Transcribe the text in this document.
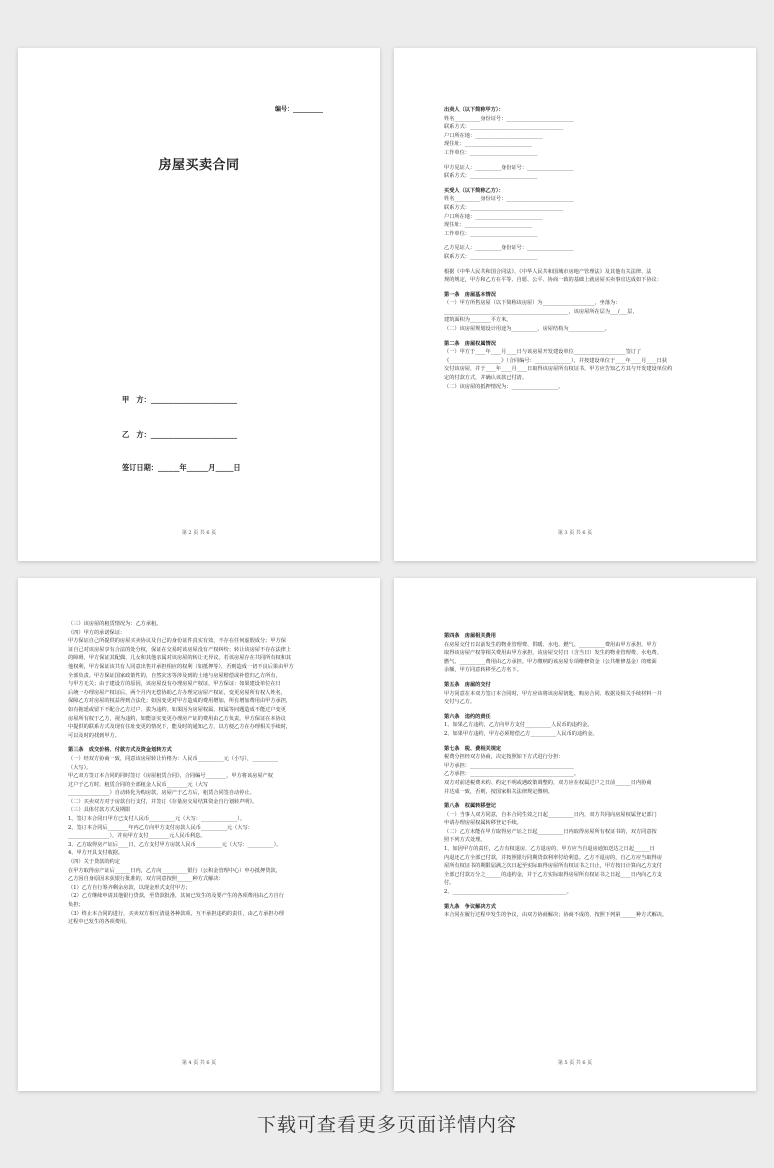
编号：__________
房屋买卖合同
甲　方：________________________
乙　方：________________________
签订日期：______年______月_____日
第 2 页 共 6 页
出卖人（以下简称甲方）：
姓名__________身份证号：__________________________
联系方式：____________________________________
户口所在地：__________________________
现住址：__________________________
工作单位：__________________________
甲方见证人：__________身份证号：__________________
联系方式：__________________________
买受人（以下简称乙方）：
姓名__________身份证号：__________________________
联系方式：____________________________________
户口所在地：__________________________
现住址：__________________________
工作单位：__________________________
乙方见证人：__________身份证号：__________________
联系方式：__________________________
根据《中华人民共和国合同法》、《中华人民共和国城市房地产管理法》及其他有关法律、法
规的规定，甲方和乙方在平等、自愿、公平、协商一致的基础上就房屋买卖事宜达成如下协议：
第一条　房屋基本情况
（一）甲方所售房屋（以下简称该房屋）为____________________，坐落为：
________________________________________________，该房屋所在层为___/___层，
建筑面积为________平方米。
（二）该房屋规划设计用途为__________，房屋结构为______________。
第二条　房屋权属情况
（一）甲方于____年____月____日与该房屋开发建设单位____________________签订了
《____________________》（合同编号：______________），并按建设单位于____年____月____日获
交付该房屋，并于____年____月____日取得该房屋所有权证书，甲方应告知乙方其与开发建设单位约
定的付款方式，并确认该款已付清。
（二）该房屋的抵押情况为：__________________。
第 3 页 共 6 页
（三）该房屋的租赁情况为：乙方承租。
（四）甲方的承诺保证：
甲方保证自己所提供的房屋买卖协议及自己的身份证件真实有效，不存在任何虚假成分；甲方保
证自己对该房屋享有合法的处分权，保证在交易时该房屋没有产权纠纷；转让该房屋不存在法律上
的障碍，甲方保证其配偶、儿女和其他亲属对该房屋的转让无异议。若该房屋存在共同所有权和其
他权利，甲方保证该共有人同意出售并承担相应的权利（如抵押等），否则造成一切不良后果由甲方
全部负责。甲方保证国家政策性的，自然灾害等涉及到的土地与房屋赔偿或补偿归乙方所有，
与甲方无关；由于建设方的原因，该房屋没有办理房屋产权证，甲方保证：如果建设单位在日
后统一办理房屋产权证后，两个月内无偿协助乙方办理完房屋产权证，变更房屋所有权人姓名，
保障乙方对房屋的权益得到合法化；如因变更对甲方造成的费用增加，所有增加费用由甲方承担，
如有拖延或留下不配合乙方过户、拔为违约。如果因为房屋权属、权属等问题造成不能过户变更
房屋所有权于乙方，视为违约，如能证实变更办理房产证的费用由乙方负责。甲方保证在本协议
中提供的联系方式及现有住址变更的情况下，能及时的通知乙方，以方便乙方在办理相关手续时，
可以及时的找到甲方。
第三条　成交价格、付款方式及资金划转方式
（一）经双方协商一致，同意该房屋转让价格为：人民币__________元（小写），__________
（大写）。
甲乙双方签订本合同的同时签订《房屋租赁合同》，合同编号________，甲方将该房屋产权
过户于乙方时，租赁合同的全部租金人民币________元（大写
________________）自动转化为购房款，房屋产于乙方后，租赁合同签自动停止。
（二）买卖双方对于房款自行支付，并签订《存量房交易结算资金自行划转声明》。
（三）具体付款方式及期限
1、签订本合同日甲方已支付人民币__________元（大写：______________）。
2、签订本合同后________年内乙方向甲方支付房款人民币__________元（大写：
________________），并向甲方支付________元人民币利息。
3、乙方取得房产证后____日，乙方支付甲方房款人民币__________元（大写：__________）。
4、甲方开具支付收据。
（四）关于贷款的约定
在甲方取得房产证后______日内，乙方向__________银行（公积金管理中心）申办抵押贷款，
乙方因自身原因未获银行批准的，双方同意按照______种方式解决：
（1）乙方自行筹齐剩余房款，以现金形式支付甲方；
（2）乙方继续申请其他银行贷款，至贷款批准，其间已发生的及要产生的各项费用由乙方自行
负担；
（3）终止本合同的进行，买卖双方相互清退各种款项，互不承担违约的责任，由乙方承担办理
过程中已发生的各项费用。
第 4 页 共 6 页
第四条　房屋相关费用
在房屋交付日以前发生的物业管理费、供暖、水电、燃气、__________费用由甲方承担，甲方
取得该房屋产权等相关费用由甲方承担，该房屋交付日（含当日）发生的物业管理费、水电费、
燃气、__________费用由乙方承担。甲方缴纳的该房屋专项维修资金（公共维修基金）的账面
余额，甲方同意转移至乙方名下。
第五条　房屋的交付
甲方同意在本双方签订本合同时，甲方应该将该房屋钥匙、购房合同、收据及相关手续材料一并
交付与乙方。
第六条　违约的责任
1、如果乙方违约，乙方向甲方支付__________人民币的违约金。
2、如果甲方违约，甲方必须赔偿乙方__________人民币的违约金。
第七条　税、费相关规定
税费分担经双方协商，决定按照如下方式进行分担：
甲方承担：________________________________________
乙方承担：________________________________________。
双方对前述税费未约、约定不明或遇政策调整的，双方应在权属过户之日前______日内协商
并达成一致，否则，按国家相关法律规定缴纳。
第八条　权属转移登记
（一）当事人双方同意，自本合同生效之日起__________日内，双方共同向房屋权属登记部门
申请办理房屋权属转移登记手续。
（二）乙方未能在甲方取得房产证之日起__________日内取得房屋所有权证书的，双方同意按
照下列方式处理。
1、如因甲方的责任，乙方有权退房，乙方退房的，甲方应当自退房通知送达之日起______日
内退还乙方全部已付款，并按照银行同期贷款利率付给利息。乙方不退房的，自乙方应当取得房
屋所有权证书的期限届满之次日起至实际取得房屋所有权证书之日止，甲方按日计算向乙方支付
全部已付款万分之______的违约金，并于乙方实际取得房屋所有权证书之日起____日内向乙方支
付。
2、____________________________________________。
第九条　争议解决方式
本合同在履行过程中发生的争议，由双方协商解决；协商不成的，按照下列第______种方式解决。
第 5 页 共 6 页
下载可查看更多页面详情内容
